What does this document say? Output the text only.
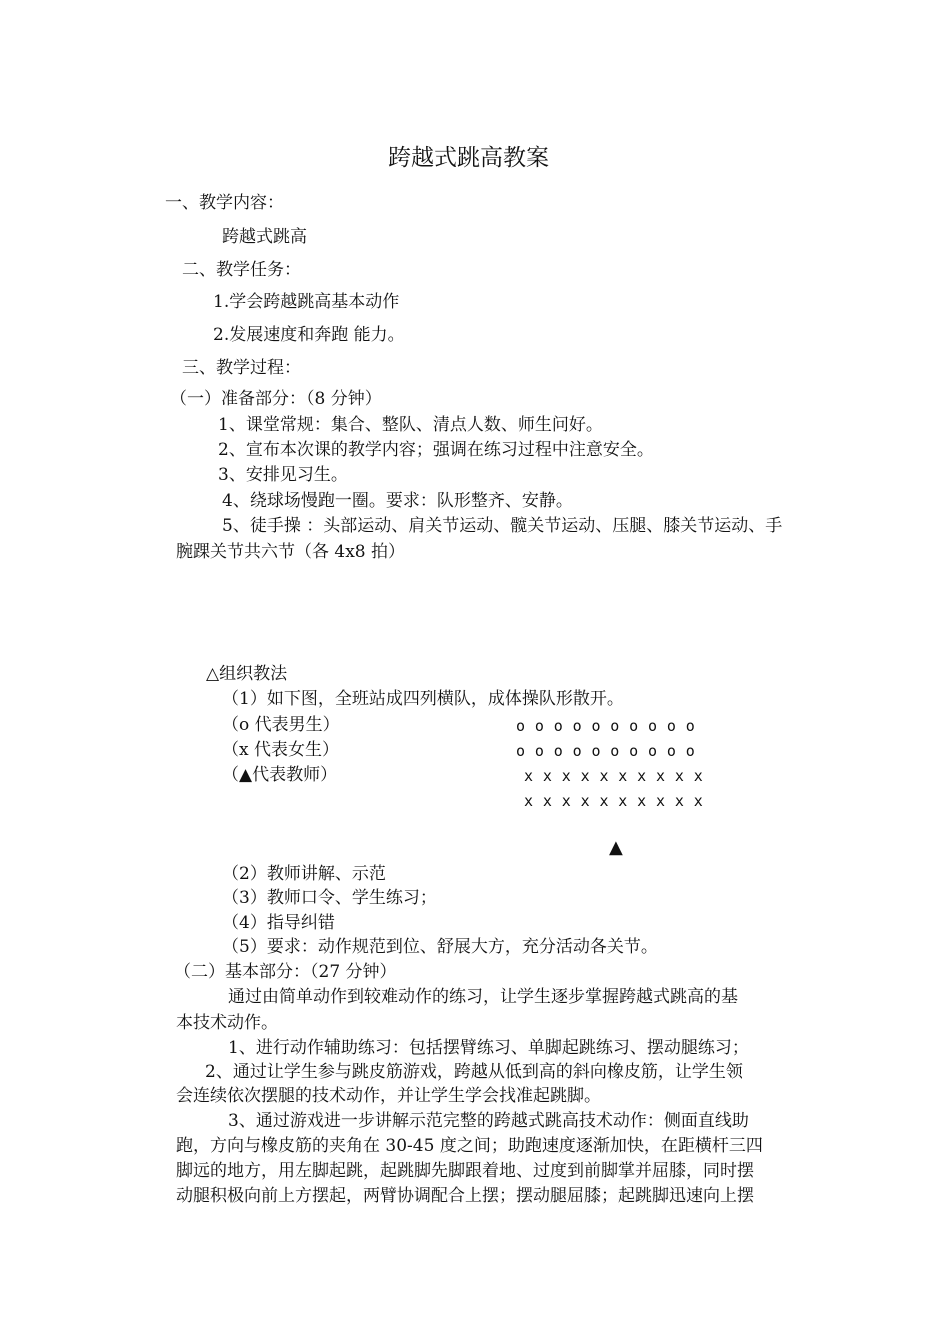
跨越式跳高教案
一、教学内容：
跨越式跳高
二、教学任务：
1.学会跨越跳高基本动作
2.发展速度和奔跑 能力。
三、教学过程：
（一）准备部分：（8 分钟）
1、课堂常规：集合、整队、清点人数、师生问好。
2、宣布本次课的教学内容；强调在练习过程中注意安全。
3、安排见习生。
4、绕球场慢跑一圈。要求：队形整齐、安静。
5、徒手操 ：头部运动、肩关节运动、髋关节运动、压腿、膝关节运动、手
腕踝关节共六节（各 4x8 拍）
△组织教法
（1）如下图，全班站成四列横队，成体操队形散开。
（o 代表男生）
（x 代表女生）
（▲代表教师）
o o o o o o o o o o
o o o o o o o o o o
x x x x x x x x x x
x x x x x x x x x x
▲
（2）教师讲解、示范
（3）教师口令、学生练习；
（4）指导纠错
（5）要求：动作规范到位、舒展大方，充分活动各关节。
（二）基本部分：（27 分钟）
通过由简单动作到较难动作的练习，让学生逐步掌握跨越式跳高的基
本技术动作。
1、进行动作辅助练习：包括摆臂练习、单脚起跳练习、摆动腿练习；
2、通过让学生参与跳皮筋游戏，跨越从低到高的斜向橡皮筋，让学生领
会连续依次摆腿的技术动作，并让学生学会找准起跳脚。
3、通过游戏进一步讲解示范完整的跨越式跳高技术动作：侧面直线助
跑，方向与橡皮筋的夹角在 30-45 度之间；助跑速度逐渐加快，在距横杆三四
脚远的地方，用左脚起跳，起跳脚先脚跟着地、过度到前脚掌并屈膝，同时摆
动腿积极向前上方摆起，两臂协调配合上摆；摆动腿屈膝；起跳脚迅速向上摆
